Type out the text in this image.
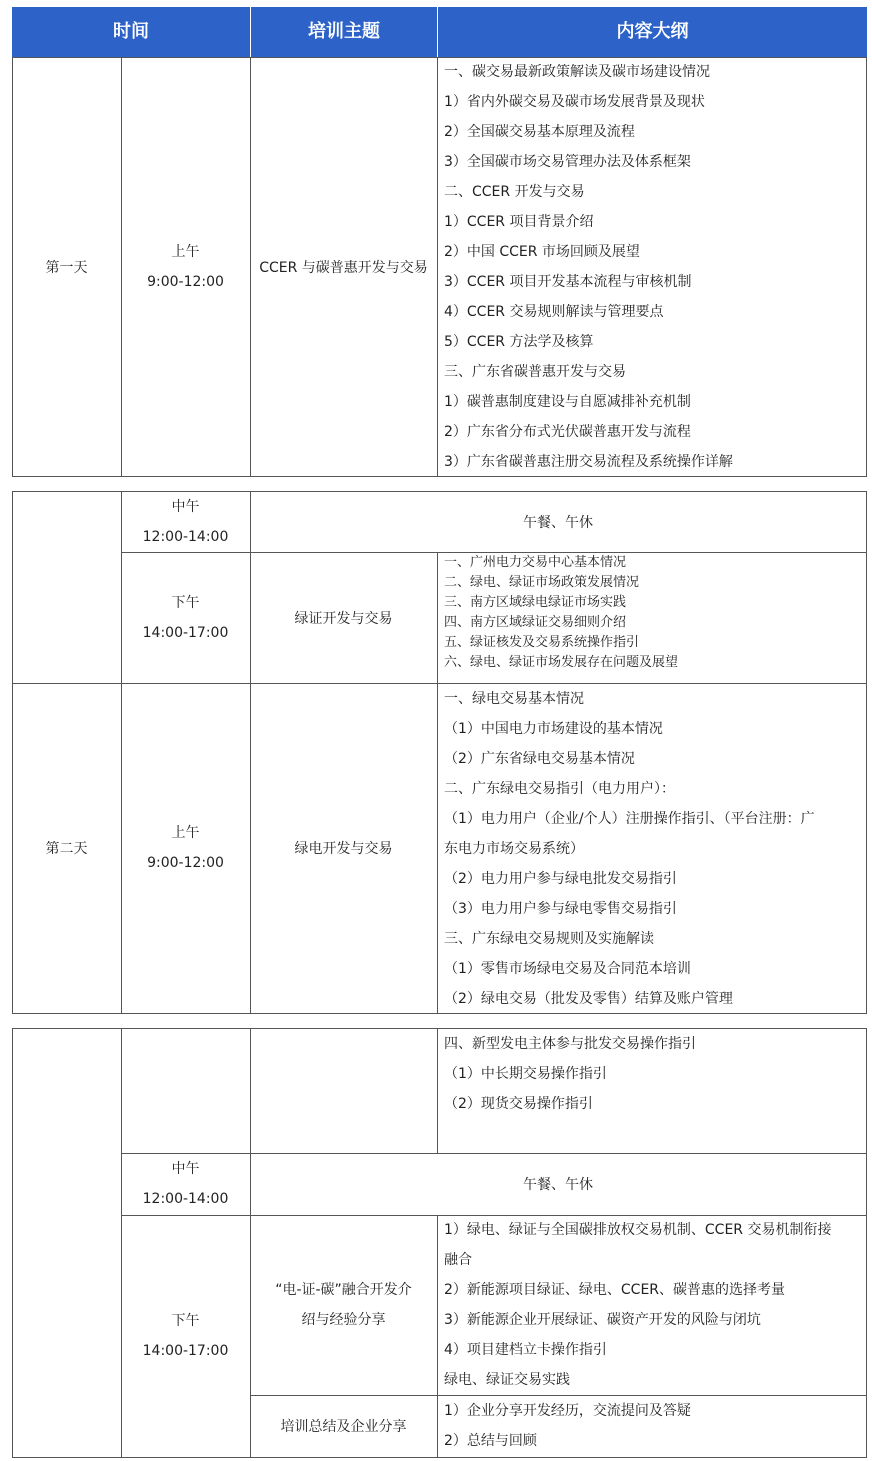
时间	培训主题	内容大纲
第一天
上午
9:00-12:00
CCER 与碳普惠开发与交易
一、碳交易最新政策解读及碳市场建设情况
1）省内外碳交易及碳市场发展背景及现状
2）全国碳交易基本原理及流程
3）全国碳市场交易管理办法及体系框架
二、CCER 开发与交易
1）CCER 项目背景介绍
2）中国 CCER 市场回顾及展望
3）CCER 项目开发基本流程与审核机制
4）CCER 交易规则解读与管理要点
5）CCER 方法学及核算
三、广东省碳普惠开发与交易
1）碳普惠制度建设与自愿减排补充机制
2）广东省分布式光伏碳普惠开发与流程
3）广东省碳普惠注册交易流程及系统操作详解
中午
12:00-14:00
午餐、午休
下午
14:00-17:00
绿证开发与交易
一、广州电力交易中心基本情况
二、绿电、绿证市场政策发展情况
三、南方区域绿电绿证市场实践
四、南方区域绿证交易细则介绍
五、绿证核发及交易系统操作指引
六、绿电、绿证市场发展存在问题及展望
第二天
上午
9:00-12:00
绿电开发与交易
一、绿电交易基本情况
（1）中国电力市场建设的基本情况
（2）广东省绿电交易基本情况
二、广东绿电交易指引（电力用户）：
（1）电力用户（企业/个人）注册操作指引、（平台注册：广
东电力市场交易系统）
（2）电力用户参与绿电批发交易指引
（3）电力用户参与绿电零售交易指引
三、广东绿电交易规则及实施解读
（1）零售市场绿电交易及合同范本培训
（2）绿电交易（批发及零售）结算及账户管理
四、新型发电主体参与批发交易操作指引
（1）中长期交易操作指引
（2）现货交易操作指引
中午
12:00-14:00
午餐、午休
下午
14:00-17:00
“电-证-碳”融合开发介
绍与经验分享
1）绿电、绿证与全国碳排放权交易机制、CCER 交易机制衔接
融合
2）新能源项目绿证、绿电、CCER、碳普惠的选择考量
3）新能源企业开展绿证、碳资产开发的风险与闭坑
4）项目建档立卡操作指引
绿电、绿证交易实践
培训总结及企业分享
1）企业分享开发经历，交流提问及答疑
2）总结与回顾
